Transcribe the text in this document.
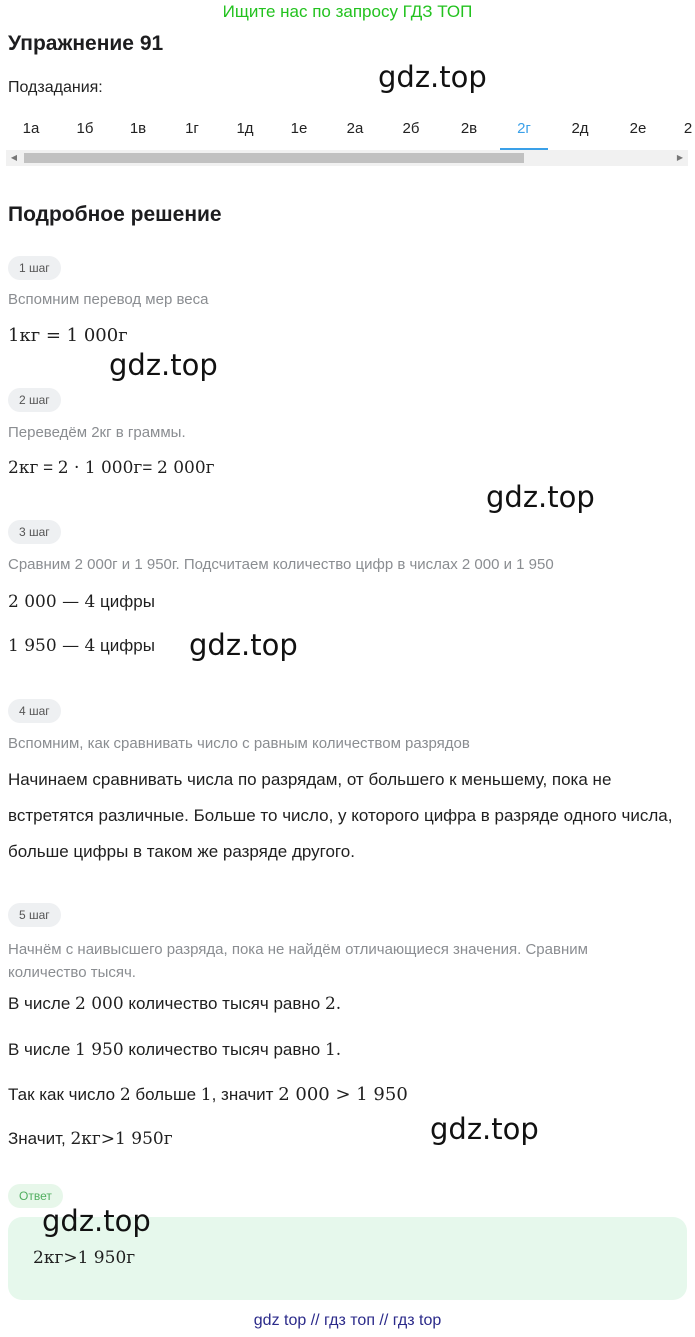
Ищите нас по запросу ГДЗ ТОП
Упражнение 91
gdz.top
Подзадания:
1а	1б	1в	1г	1д	1е	2а	2б	2в	2г	2д	2е	2
◀	▶
Подробное решение
1 шаг
Вспомним перевод мер веса
1кг = 1 000г
gdz.top
2 шаг
Переведём 2кг в граммы.
2кг = 2 · 1 000г= 2 000г
gdz.top
3 шаг
Сравним 2 000г и 1 950г. Подсчитаем количество цифр в числах 2 000 и 1 950
2 000 — 4 цифры
1 950 — 4 цифры gdz.top
4 шаг
Вспомним, как сравнивать число с равным количеством разрядов
Начинаем сравнивать числа по разрядам, от большего к меньшему, пока не встретятся различные. Больше то число, у которого цифра в разряде одного числа, больше цифры в таком же разряде другого.
5 шаг
Начнём с наивысшего разряда, пока не найдём отличающиеся значения. Сравним количество тысяч.
В числе 2 000 количество тысяч равно 2.
В числе 1 950 количество тысяч равно 1.
Так как число 2 больше 1, значит 2 000 > 1 950
Значит, 2кг>1 950г	gdz.top
Ответ
gdz.top
2кг>1 950г
gdz top // гдз топ // гдз top
